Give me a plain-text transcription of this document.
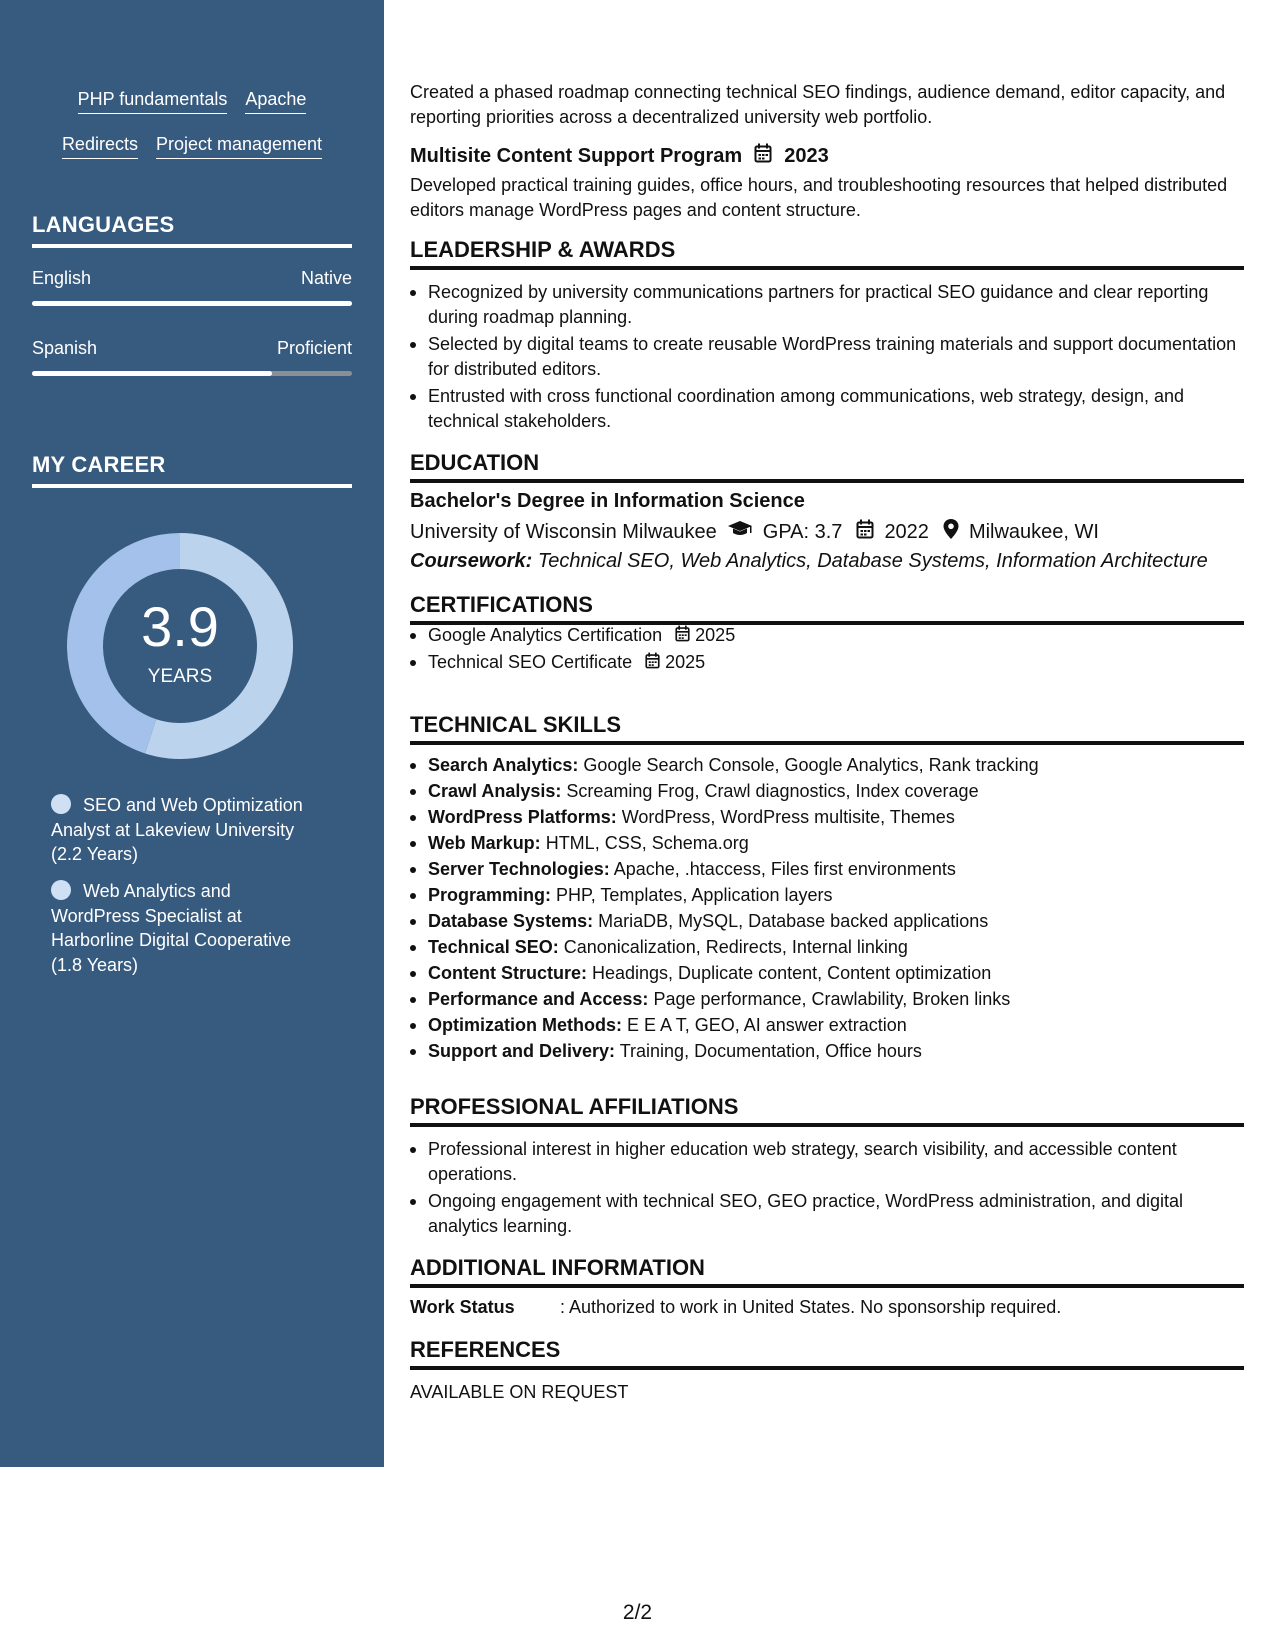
PHP fundamentals Apache
Redirects Project management
LANGUAGES
English	Native
Spanish	Proficient
MY CAREER
3.9
YEARS
SEO and Web Optimization Analyst at Lakeview University (2.2 Years)
Web Analytics and WordPress Specialist at Harborline Digital Cooperative (1.8 Years)
Created a phased roadmap connecting technical SEO findings, audience demand, editor capacity, and reporting priorities across a decentralized university web portfolio.
Multisite Content Support Program 2023
Developed practical training guides, office hours, and troubleshooting resources that helped distributed editors manage WordPress pages and content structure.
LEADERSHIP & AWARDS
Recognized by university communications partners for practical SEO guidance and clear reporting during roadmap planning.
Selected by digital teams to create reusable WordPress training materials and support documentation for distributed editors.
Entrusted with cross functional coordination among communications, web strategy, design, and technical stakeholders.
EDUCATION
Bachelor's Degree in Information Science
University of Wisconsin Milwaukee GPA: 3.7 2022 Milwaukee, WI
Coursework: Technical SEO, Web Analytics, Database Systems, Information Architecture
CERTIFICATIONS
Google Analytics Certification 2025
Technical SEO Certificate 2025
TECHNICAL SKILLS
Search Analytics: Google Search Console, Google Analytics, Rank tracking
Crawl Analysis: Screaming Frog, Crawl diagnostics, Index coverage
WordPress Platforms: WordPress, WordPress multisite, Themes
Web Markup: HTML, CSS, Schema.org
Server Technologies: Apache, .htaccess, Files first environments
Programming: PHP, Templates, Application layers
Database Systems: MariaDB, MySQL, Database backed applications
Technical SEO: Canonicalization, Redirects, Internal linking
Content Structure: Headings, Duplicate content, Content optimization
Performance and Access: Page performance, Crawlability, Broken links
Optimization Methods: E E A T, GEO, AI answer extraction
Support and Delivery: Training, Documentation, Office hours
PROFESSIONAL AFFILIATIONS
Professional interest in higher education web strategy, search visibility, and accessible content operations.
Ongoing engagement with technical SEO, GEO practice, WordPress administration, and digital analytics learning.
ADDITIONAL INFORMATION
Work Status	: Authorized to work in United States. No sponsorship required.
REFERENCES
AVAILABLE ON REQUEST
2/2
